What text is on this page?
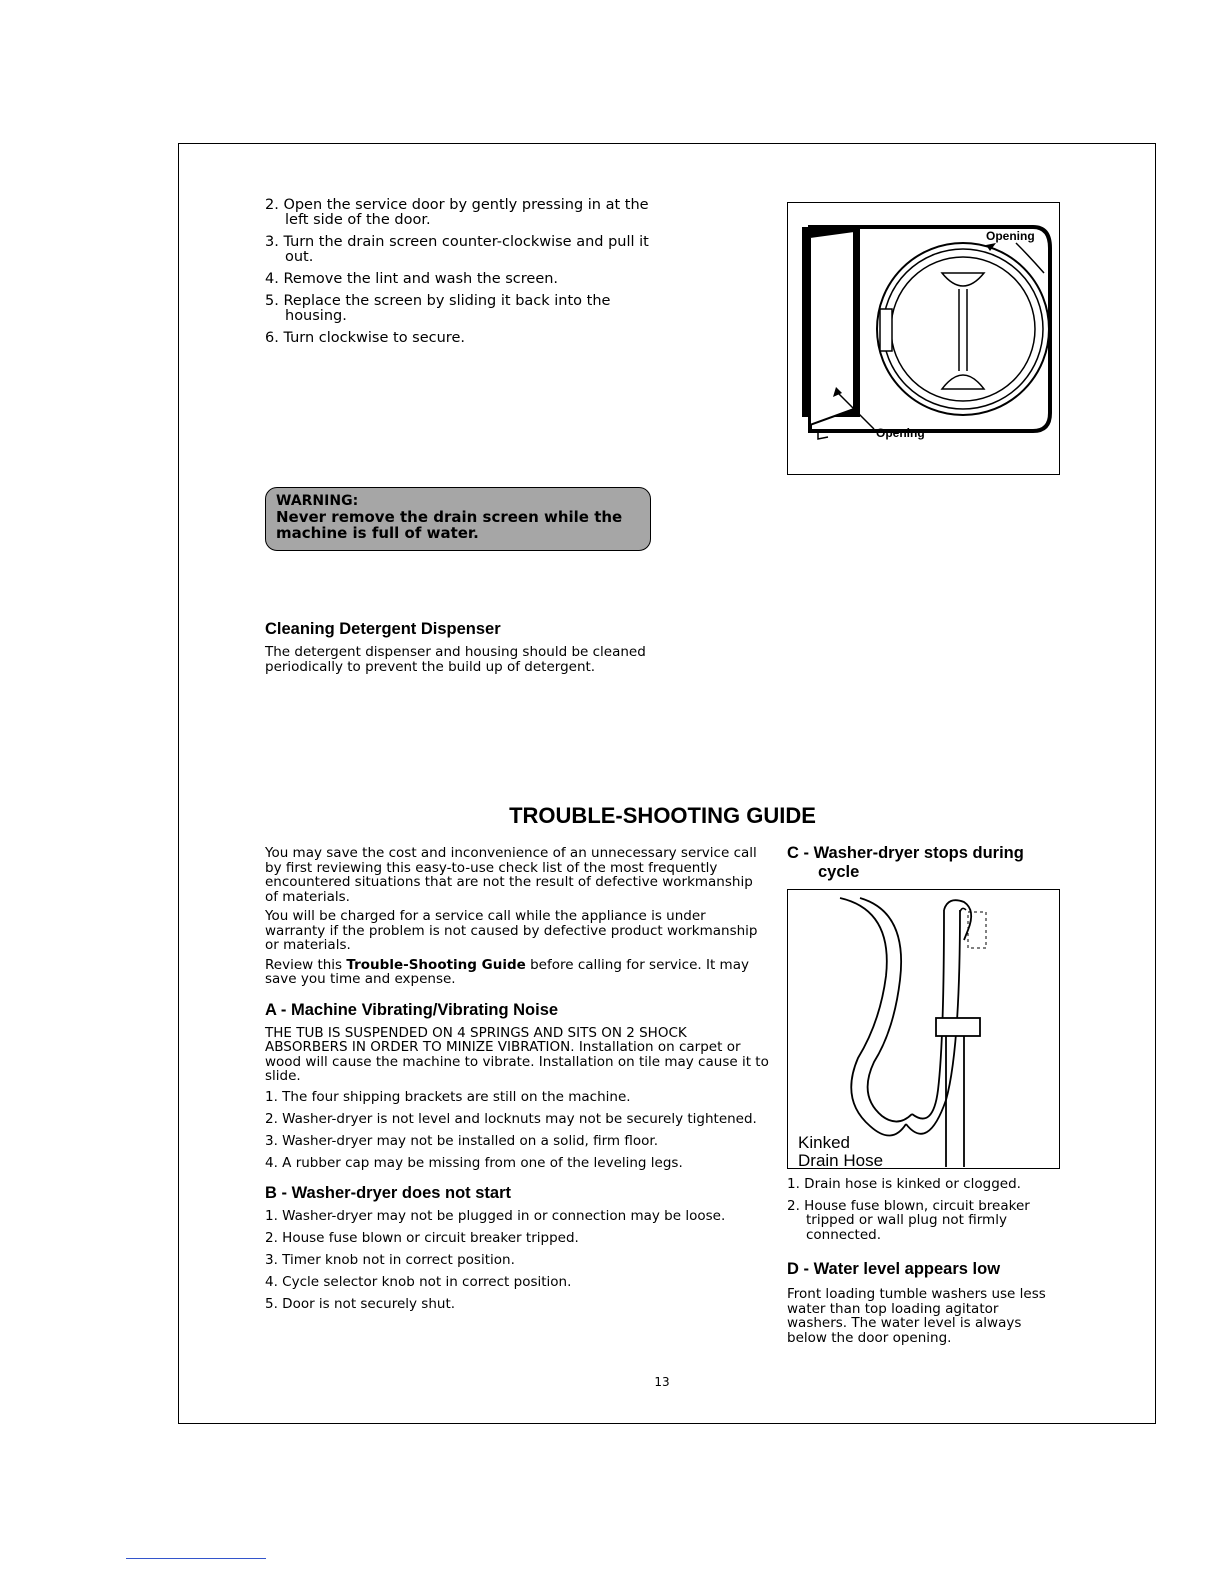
2. Open the service door by gently pressing in at the left side of the door.
3. Turn the drain screen counter-clockwise and pull it out.
4. Remove the lint and wash the screen.
5. Replace the screen by sliding it back into the housing.
6. Turn clockwise to secure.
Opening
Opening
WARNING:
Never remove the drain screen while the machine is full of water.
Cleaning Detergent Dispenser
The detergent dispenser and housing should be cleaned periodically to prevent the build up of detergent.
TROUBLE-SHOOTING GUIDE

You may save the cost and inconvenience of an unnecessary service call by first reviewing this easy-to-use check list of the most frequently encountered situations that are not the result of defective workmanship of materials.

You will be charged for a service call while the appliance is under warranty if the problem is not caused by defective product workmanship or materials.

Review this Trouble-Shooting Guide before calling for service. It may save you time and expense.

A - Machine Vibrating/Vibrating Noise

THE TUB IS SUSPENDED ON 4 SPRINGS AND SITS ON 2 SHOCK ABSORBERS IN ORDER TO MINIZE VIBRATION. Installation on carpet or wood will cause the machine to vibrate. Installation on tile may cause it to slide.

1. The four shipping brackets are still on the machine.
2. Washer-dryer is not level and locknuts may not be securely tightened.
3. Washer-dryer may not be installed on a solid, firm floor.
4. A rubber cap may be missing from one of the leveling legs.
B - Washer-dryer does not start
1. Washer-dryer may not be plugged in or connection may be loose.
2. House fuse blown or circuit breaker tripped.
3. Timer knob not in correct position.
4. Cycle selector knob not in correct position.
5. Door is not securely shut.
C - Washer-dryer stops during
cycle
Kinked
Drain Hose
1. Drain hose is kinked or clogged.
2. House fuse blown, circuit breaker tripped or wall plug not firmly connected.
D - Water level appears low
Front loading tumble washers use less water than top loading agitator washers. The water level is always below the door opening.
13
